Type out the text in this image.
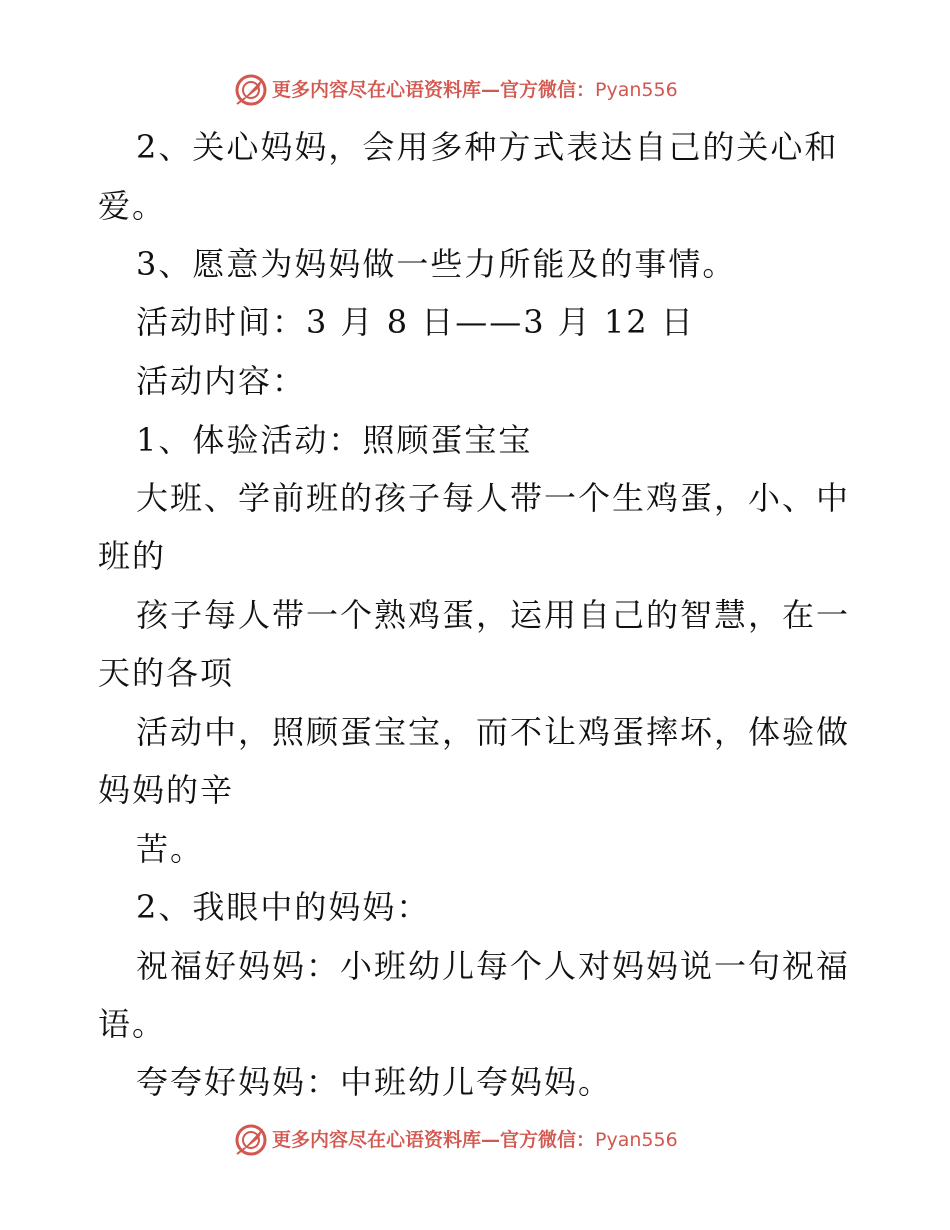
更多内容尽在心语资料库—官方微信：Pyan556
2、关心妈妈，会用多种方式表达自己的关心和
爱。
3、愿意为妈妈做一些力所能及的事情。
活动时间：3 月 8 日——3 月 12 日
活动内容：
1、体验活动：照顾蛋宝宝
大班、学前班的孩子每人带一个生鸡蛋，小、中
班的
孩子每人带一个熟鸡蛋，运用自己的智慧，在一
天的各项
活动中，照顾蛋宝宝，而不让鸡蛋摔坏，体验做
妈妈的辛
苦。
2、我眼中的妈妈：
祝福好妈妈：小班幼儿每个人对妈妈说一句祝福
语。
夸夸好妈妈：中班幼儿夸妈妈。
更多内容尽在心语资料库—官方微信：Pyan556
